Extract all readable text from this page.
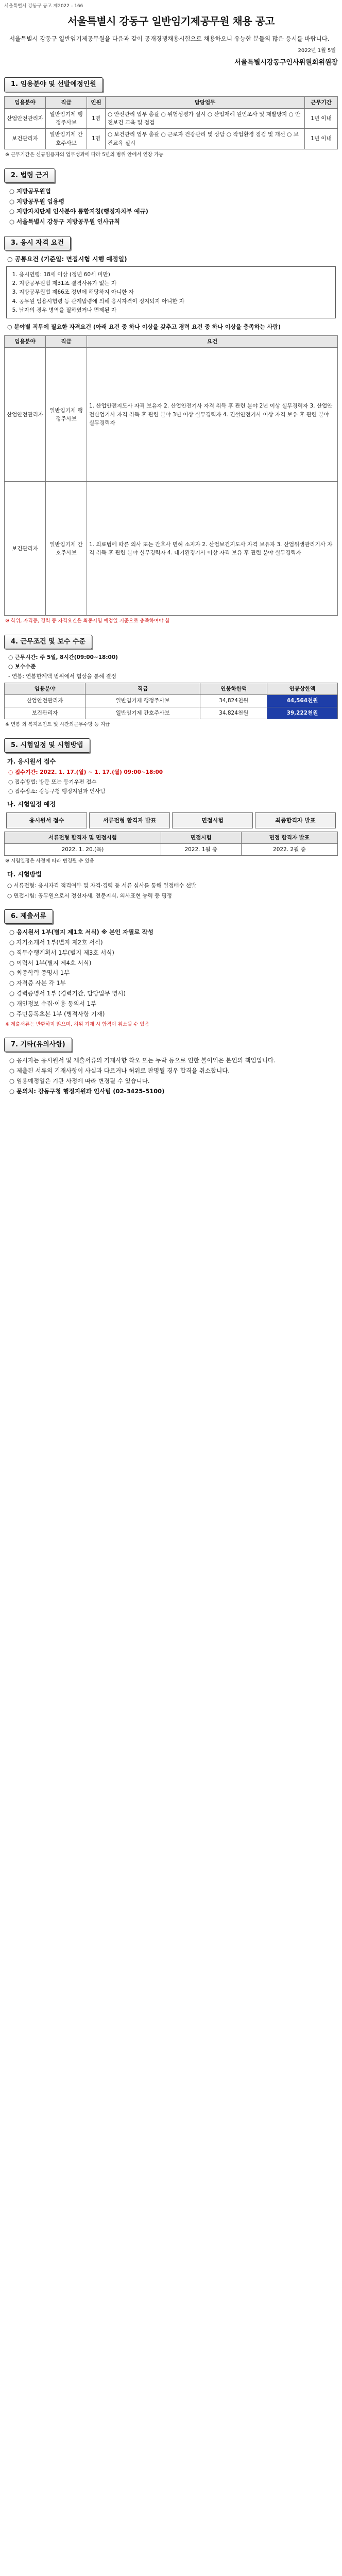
서울특별시 강동구 공고 제2022 - 166
서울특별시 강동구 일반임기제공무원 채용 공고
서울특별시 강동구 일반임기제공무원을 다음과 같이 공개경쟁채용시험으로 채용하오니 유능한 분들의 많은 응시를 바랍니다.
2022년 1월 5일
서울특별시강동구인사위원회위원장
1. 임용분야 및 선발예정인원
임용분야	직급	인원	담당업무	근무기간
산업안전관리자	일반임기제 행정주사보	1명	○ 안전관리 업무 총괄 ○ 위험성평가 실시 ○ 산업재해 원인조사 및 재발방지 ○ 안전보건 교육 및 점검	1년 이내
보건관리자	일반임기제 간호주사보	1명	○ 보건관리 업무 총괄 ○ 근로자 건강관리 및 상담 ○ 작업환경 점검 및 개선 ○ 보건교육 실시	1년 이내
※ 근무기간은 신규임용자의 업무성과에 따라 5년의 범위 안에서 연장 가능
2. 법령 근거
○ 지방공무원법
○ 지방공무원 임용령
○ 지방자치단체 인사분야 통합지침(행정자치부 예규)
○ 서울특별시 강동구 지방공무원 인사규칙
3. 응시 자격 요건
○ 공통요건 (기준일: 면접시험 시행 예정일)
1. 응시연령: 18세 이상 (정년 60세 미만)
2. 지방공무원법 제31조 결격사유가 없는 자
3. 지방공무원법 제66조 정년에 해당하지 아니한 자
4. 공무원 임용시험령 등 관계법령에 의해 응시자격이 정지되지 아니한 자
5. 남자의 경우 병역을 필하였거나 면제된 자
○ 분야별 직무에 필요한 자격요건 (아래 요건 중 하나 이상을 갖추고 경력 요건 중 하나 이상을 충족하는 사람)
임용분야	직급	요건
산업안전관리자	일반임기제 행정주사보	1. 산업안전지도사 자격 보유자 2. 산업안전기사 자격 취득 후 관련 분야 2년 이상 실무경력자 3. 산업안전산업기사 자격 취득 후 관련 분야 3년 이상 실무경력자 4. 건설안전기사 이상 자격 보유 후 관련 분야 실무경력자
보건관리자	일반임기제 간호주사보	1. 의료법에 따른 의사 또는 간호사 면허 소지자 2. 산업보건지도사 자격 보유자 3. 산업위생관리기사 자격 취득 후 관련 분야 실무경력자 4. 대기환경기사 이상 자격 보유 후 관련 분야 실무경력자
※ 학위, 자격증, 경력 등 자격요건은 최종시험 예정일 기준으로 충족하여야 함
4. 근무조건 및 보수 수준
○ 근무시간: 주 5일, 8시간(09:00~18:00)
○ 보수수준
- 연봉: 연봉한계액 범위에서 협상을 통해 결정
임용분야	직급	연봉하한액	연봉상한액
산업안전관리자	일반임기제 행정주사보	34,824천원	44,564천원
보건관리자	일반임기제 간호주사보	34,824천원	39,222천원
※ 연봉 외 복지포인트 및 시간외근무수당 등 지급
5. 시험일정 및 시험방법
가. 응시원서 접수
○ 접수기간: 2022. 1. 17.(월) ~ 1. 17.(월) 09:00~18:00
○ 접수방법: 방문 또는 등기우편 접수
○ 접수장소: 강동구청 행정지원과 인사팀
나. 시험일정 예정
응시원서 접수	서류전형 합격자 발표	면접시험	최종합격자 발표
서류전형 합격자 및 면접시험	면접시험	면접 합격자 발표
2022. 1. 20.(목)	2022. 1월 중	2022. 2월 중
※ 시험일정은 사정에 따라 변경될 수 있음
다. 시험방법
○ 서류전형: 응시자격 적격여부 및 자격·경력 등 서류 심사를 통해 일정배수 선발
○ 면접시험: 공무원으로서 정신자세, 전문지식, 의사표현 능력 등 평정
6. 제출서류
○ 응시원서 1부(별지 제1호 서식) ※ 본인 자필로 작성
○ 자기소개서 1부(별지 제2호 서식)
○ 직무수행계획서 1부(별지 제3호 서식)
○ 이력서 1부(별지 제4호 서식)
○ 최종학력 증명서 1부
○ 자격증 사본 각 1부
○ 경력증명서 1부 (경력기간, 담당업무 명시)
○ 개인정보 수집·이용 동의서 1부
○ 주민등록초본 1부 (병적사항 기재)
※ 제출서류는 반환하지 않으며, 허위 기재 시 합격이 취소될 수 있음
7. 기타(유의사항)
○ 응시자는 응시원서 및 제출서류의 기재사항 착오 또는 누락 등으로 인한 불이익은 본인의 책임입니다.
○ 제출된 서류의 기재사항이 사실과 다르거나 허위로 판명될 경우 합격을 취소합니다.
○ 임용예정일은 기관 사정에 따라 변경될 수 있습니다.
○ 문의처: 강동구청 행정지원과 인사팀 (02-3425-5100)
